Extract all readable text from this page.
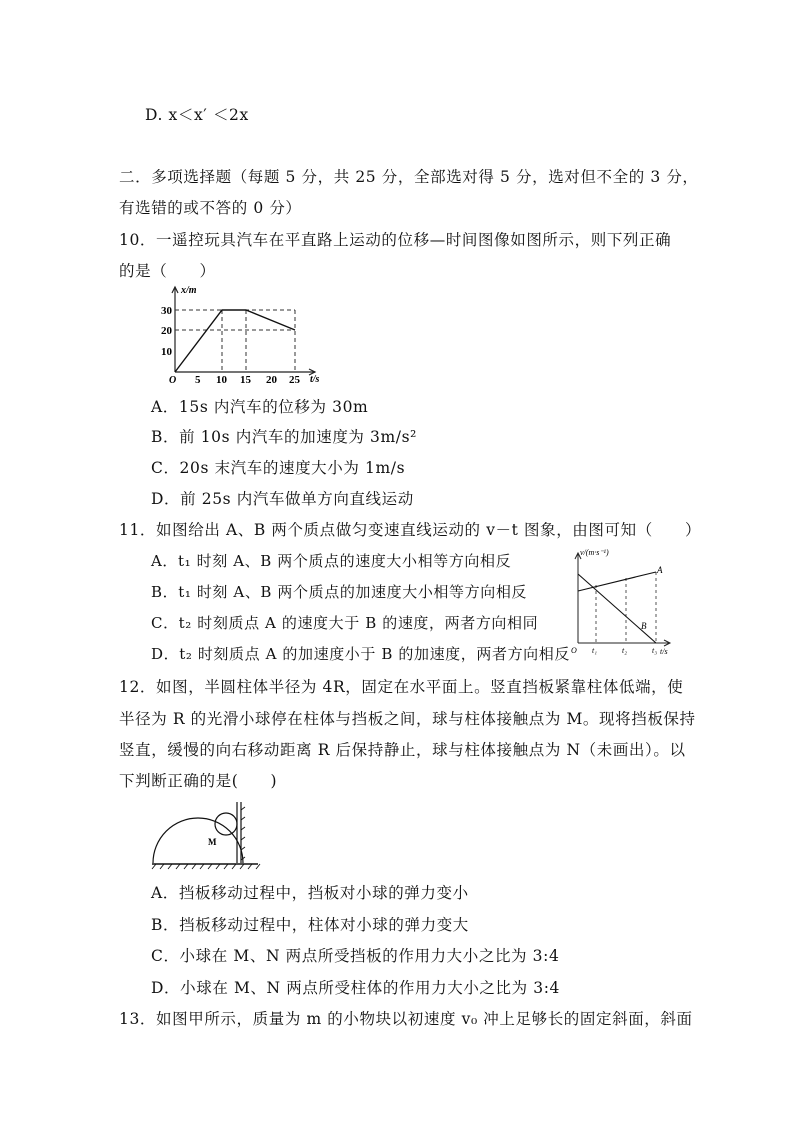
D. x＜x′ ＜2x
二．多项选择题（每题 5 分，共 25 分，全部选对得 5 分，选对但不全的 3 分，
有选错的或不答的 0 分）
10．一遥控玩具汽车在平直路上运动的位移—时间图像如图所示，则下列正确
的是（　　）
x/m
t/s
O
30
20
10
5 10 15 20 25
A．15s 内汽车的位移为 30m
B．前 10s 内汽车的加速度为 3m/s²
C．20s 末汽车的速度大小为 1m/s
D．前 25s 内汽车做单方向直线运动
11．如图给出 A、B 两个质点做匀变速直线运动的 v－t 图象，由图可知（　　）
A．t₁ 时刻 A、B 两个质点的速度大小相等方向相反
B．t₁ 时刻 A、B 两个质点的加速度大小相等方向相反
C．t₂ 时刻质点 A 的速度大于 B 的速度，两者方向相同
D．t₂ 时刻质点 A 的加速度小于 B 的加速度，两者方向相反
v/(m·s⁻¹)
t/s
O t₁	t₂	t₃
A
B
12．如图，半圆柱体半径为 4R，固定在水平面上。竖直挡板紧靠柱体低端，使
半径为 R 的光滑小球停在柱体与挡板之间，球与柱体接触点为 M。现将挡板保持
竖直，缓慢的向右移动距离 R 后保持静止，球与柱体接触点为 N（未画出）。以
下判断正确的是(　　)
M
A．挡板移动过程中，挡板对小球的弹力变小
B．挡板移动过程中，柱体对小球的弹力变大
C．小球在 M、N 两点所受挡板的作用力大小之比为 3:4
D．小球在 M、N 两点所受柱体的作用力大小之比为 3:4
13．如图甲所示，质量为 m 的小物块以初速度 v₀ 冲上足够长的固定斜面，斜面
